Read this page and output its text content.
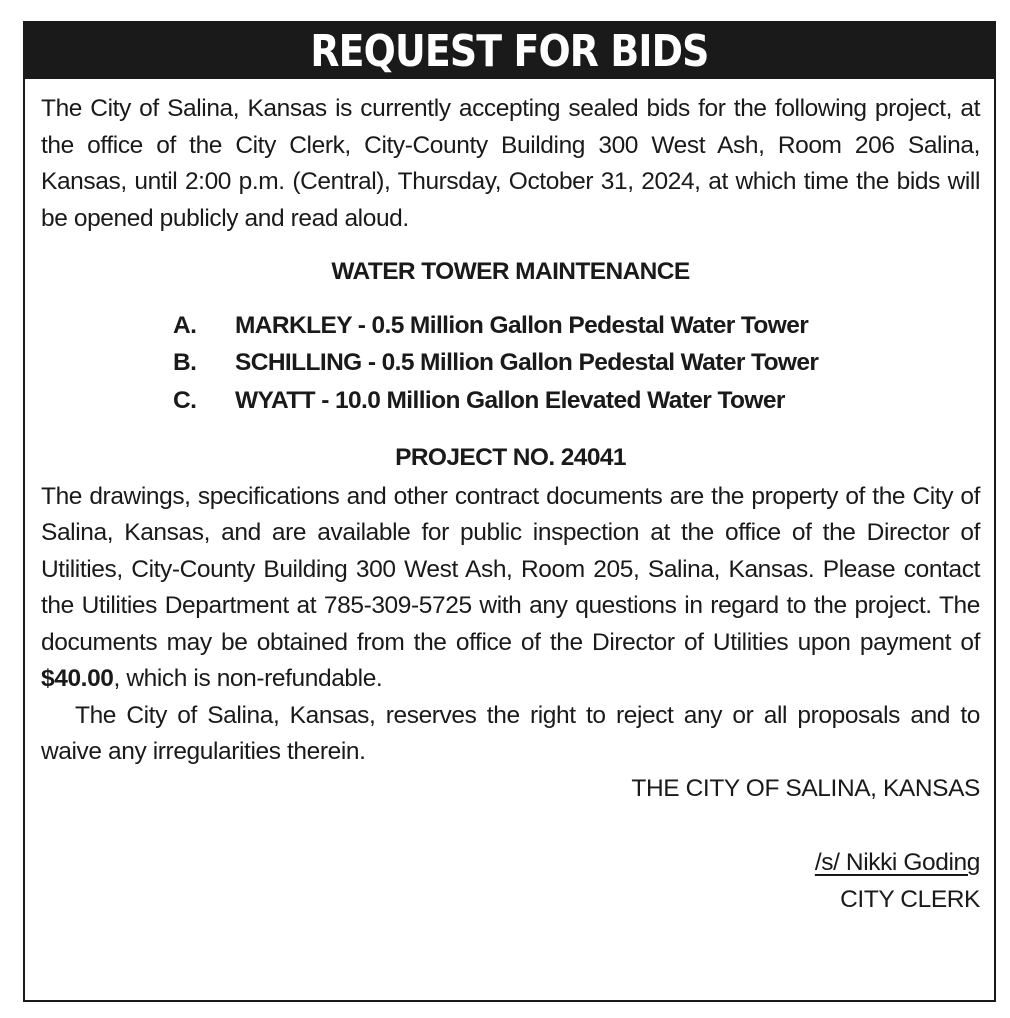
REQUEST FOR BIDS

The City of Salina, Kansas is currently accepting sealed bids for the following project, at the office of the City Clerk, City-County Building 300 West Ash, Room 206 Salina, Kansas, until 2:00 p.m. (Central), Thursday, October 31, 2024, at which time the bids will be opened publicly and read aloud.

WATER TOWER MAINTENANCE

A.	MARKLEY - 0.5 Million Gallon Pedestal Water Tower
B.	SCHILLING - 0.5 Million Gallon Pedestal Water Tower
C.	WYATT - 10.0 Million Gallon Elevated Water Tower

PROJECT NO. 24041

The drawings, specifications and other contract documents are the property of the City of Salina, Kansas, and are available for public inspection at the office of the Director of Utilities, City-County Building 300 West Ash, Room 205, Salina, Kansas. Please contact the Utilities Department at 785-309-5725 with any questions in regard to the project. The documents may be obtained from the office of the Director of Utilities upon payment of $40.00, which is non-refundable.

The City of Salina, Kansas, reserves the right to reject any or all proposals and to waive any irregularities therein.

THE CITY OF SALINA, KANSAS

/s/ Nikki Goding

CITY CLERK
